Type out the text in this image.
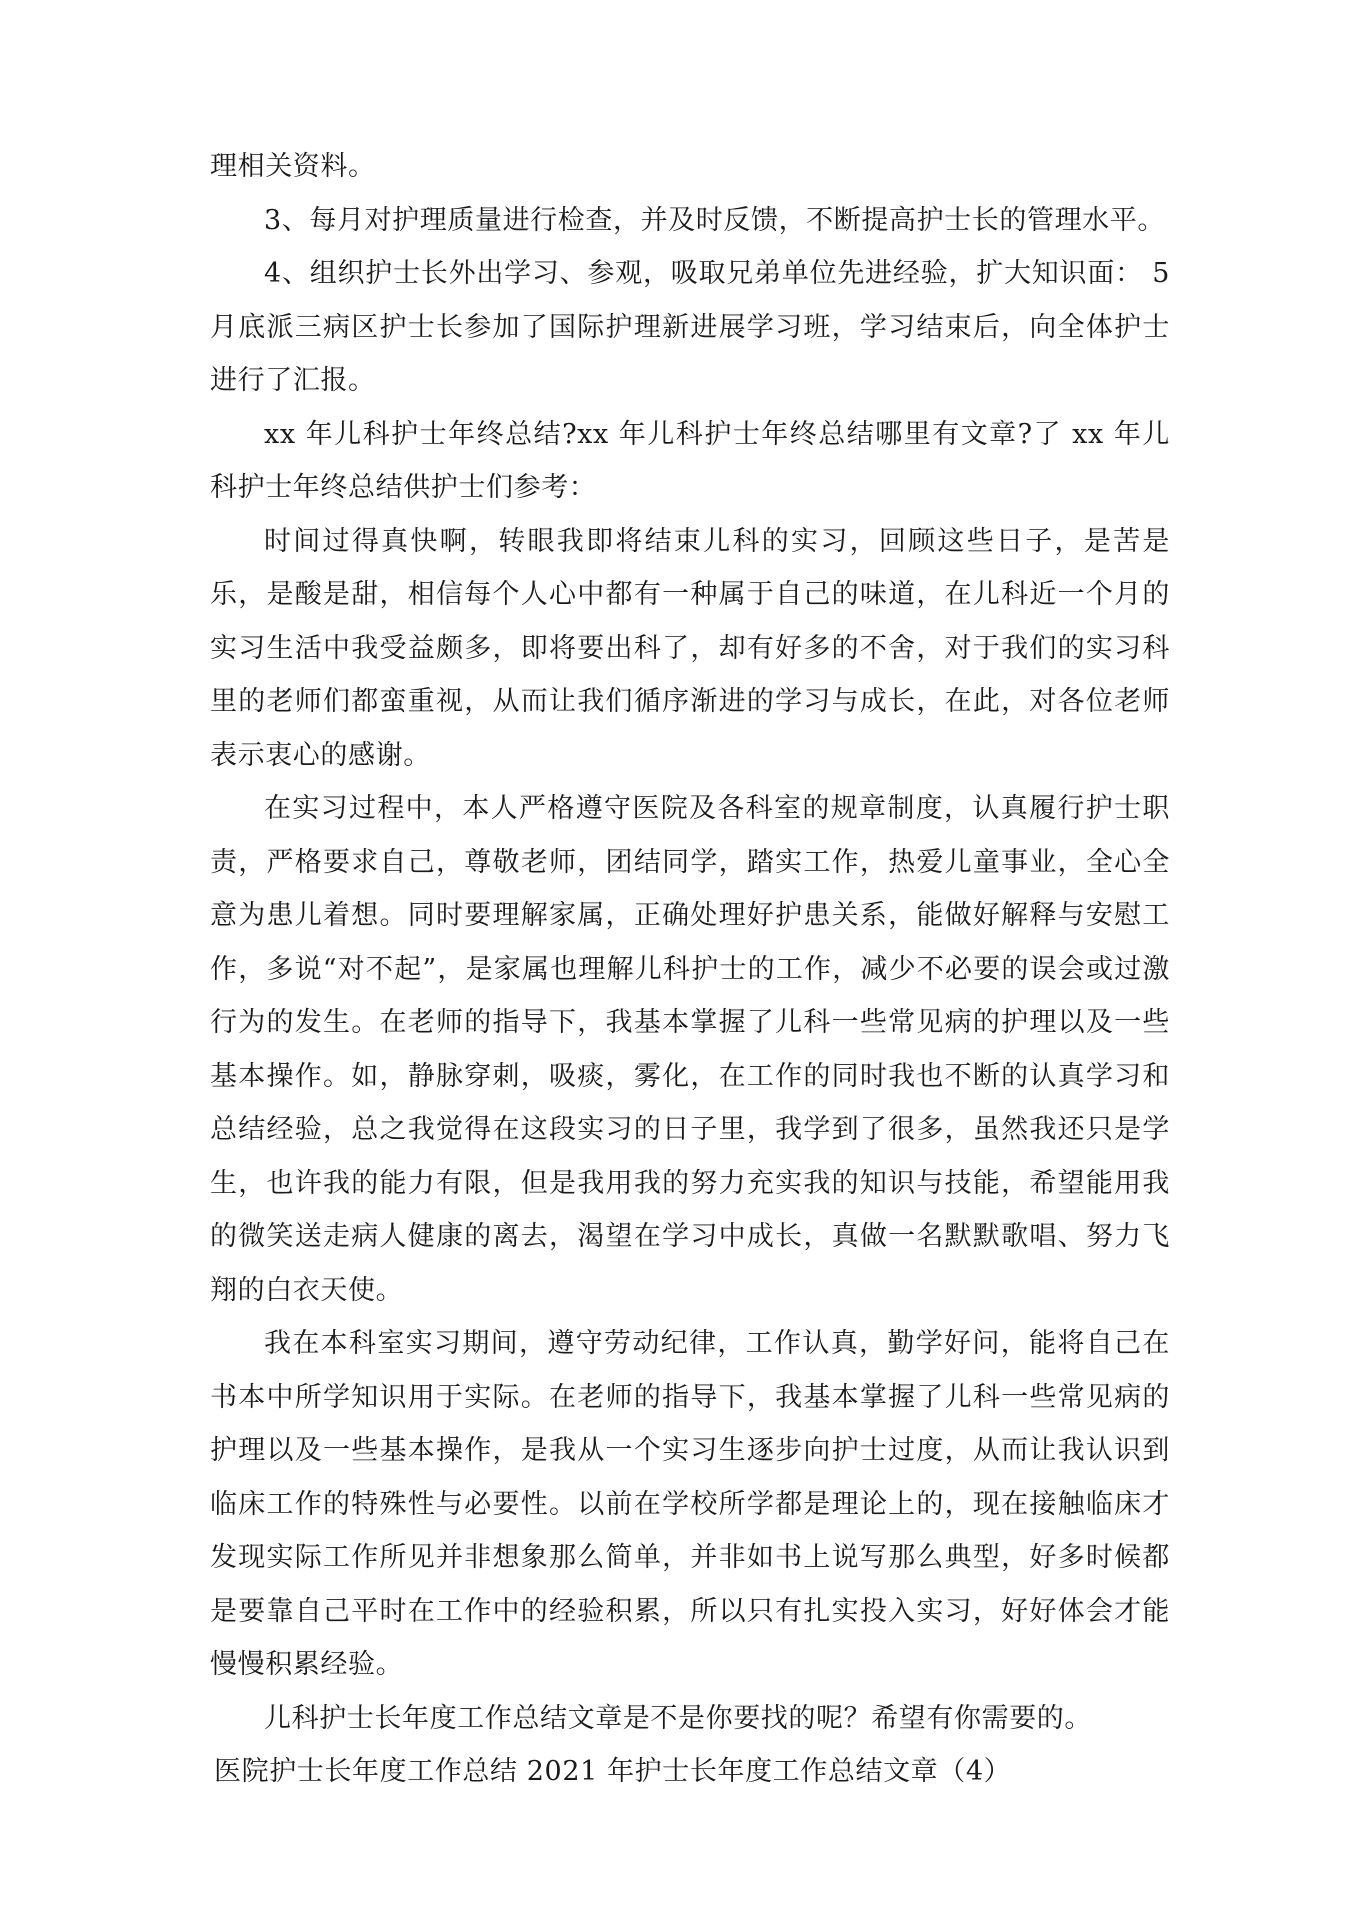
理相关资料。

3、每月对护理质量进行检查，并及时反馈，不断提高护士长的管理水平。

4、组织护士长外出学习、参观，吸取兄弟单位先进经验，扩大知识面： 5月底派三病区护士长参加了国际护理新进展学习班，学习结束后，向全体护士进行了汇报。

xx 年儿科护士年终总结?xx 年儿科护士年终总结哪里有文章?了 xx 年儿科护士年终总结供护士们参考：

时间过得真快啊，转眼我即将结束儿科的实习，回顾这些日子，是苦是乐，是酸是甜，相信每个人心中都有一种属于自己的味道，在儿科近一个月的实习生活中我受益颇多，即将要出科了，却有好多的不舍，对于我们的实习科里的老师们都蛮重视，从而让我们循序渐进的学习与成长，在此，对各位老师表示衷心的感谢。

在实习过程中，本人严格遵守医院及各科室的规章制度，认真履行护士职责，严格要求自己，尊敬老师，团结同学，踏实工作，热爱儿童事业，全心全意为患儿着想。同时要理解家属，正确处理好护患关系，能做好解释与安慰工作，多说“对不起”，是家属也理解儿科护士的工作，减少不必要的误会或过激行为的发生。在老师的指导下，我基本掌握了儿科一些常见病的护理以及一些基本操作。如，静脉穿刺，吸痰，雾化，在工作的同时我也不断的认真学习和总结经验，总之我觉得在这段实习的日子里，我学到了很多，虽然我还只是学生，也许我的能力有限，但是我用我的努力充实我的知识与技能，希望能用我的微笑送走病人健康的离去，渴望在学习中成长，真做一名默默歌唱、努力飞翔的白衣天使。

我在本科室实习期间，遵守劳动纪律，工作认真，勤学好问，能将自己在书本中所学知识用于实际。在老师的指导下，我基本掌握了儿科一些常见病的护理以及一些基本操作，是我从一个实习生逐步向护士过度，从而让我认识到临床工作的特殊性与必要性。以前在学校所学都是理论上的，现在接触临床才发现实际工作所见并非想象那么简单，并非如书上说写那么典型，好多时候都是要靠自己平时在工作中的经验积累，所以只有扎实投入实习，好好体会才能慢慢积累经验。

儿科护士长年度工作总结文章是不是你要找的呢？希望有你需要的。

医院护士长年度工作总结 2021 年护士长年度工作总结文章（4）
